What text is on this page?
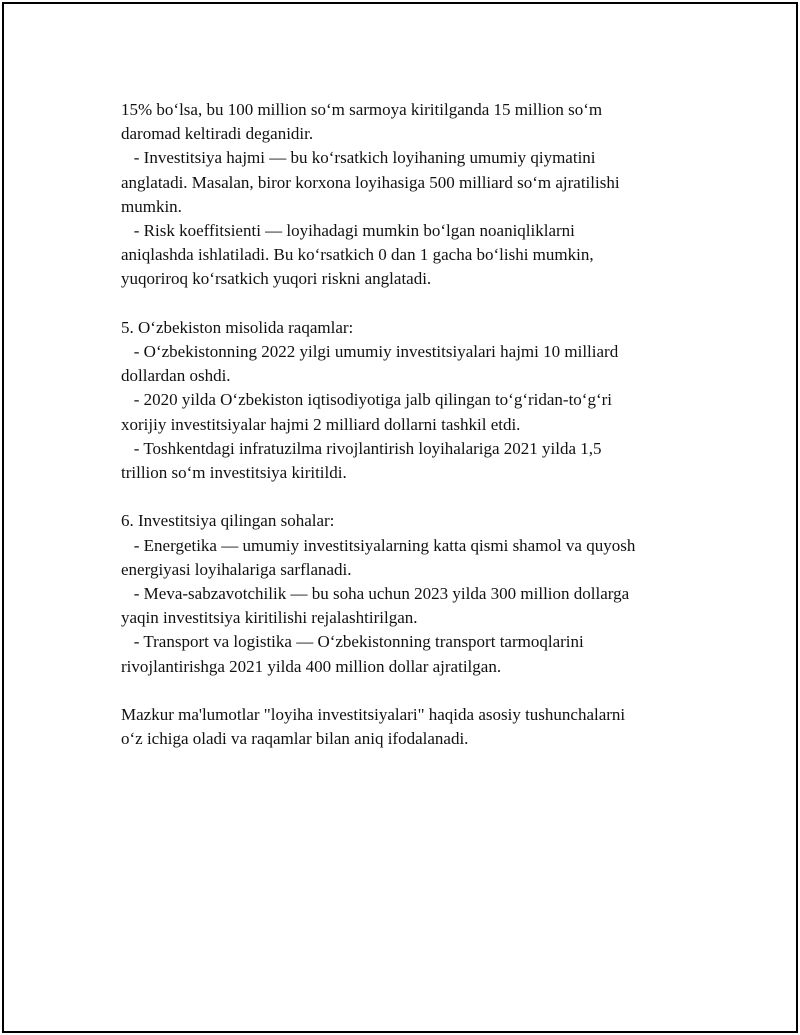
15% bo‘lsa, bu 100 million so‘m sarmoya kiritilganda 15 million so‘m
daromad keltiradi deganidir.
- Investitsiya hajmi — bu ko‘rsatkich loyihaning umumiy qiymatini
anglatadi. Masalan, biror korxona loyihasiga 500 milliard so‘m ajratilishi
mumkin.
- Risk koeffitsienti — loyihadagi mumkin bo‘lgan noaniqliklarni
aniqlashda ishlatiladi. Bu ko‘rsatkich 0 dan 1 gacha bo‘lishi mumkin,
yuqoriroq ko‘rsatkich yuqori riskni anglatadi.
5. O‘zbekiston misolida raqamlar:
- O‘zbekistonning 2022 yilgi umumiy investitsiyalari hajmi 10 milliard
dollardan oshdi.
- 2020 yilda O‘zbekiston iqtisodiyotiga jalb qilingan to‘g‘ridan-to‘g‘ri
xorijiy investitsiyalar hajmi 2 milliard dollarni tashkil etdi.
- Toshkentdagi infratuzilma rivojlantirish loyihalariga 2021 yilda 1,5
trillion so‘m investitsiya kiritildi.
6. Investitsiya qilingan sohalar:
- Energetika — umumiy investitsiyalarning katta qismi shamol va quyosh
energiyasi loyihalariga sarflanadi.
- Meva-sabzavotchilik — bu soha uchun 2023 yilda 300 million dollarga
yaqin investitsiya kiritilishi rejalashtirilgan.
- Transport va logistika — O‘zbekistonning transport tarmoqlarini
rivojlantirishga 2021 yilda 400 million dollar ajratilgan.
Mazkur ma'lumotlar "loyiha investitsiyalari" haqida asosiy tushunchalarni
o‘z ichiga oladi va raqamlar bilan aniq ifodalanadi.
